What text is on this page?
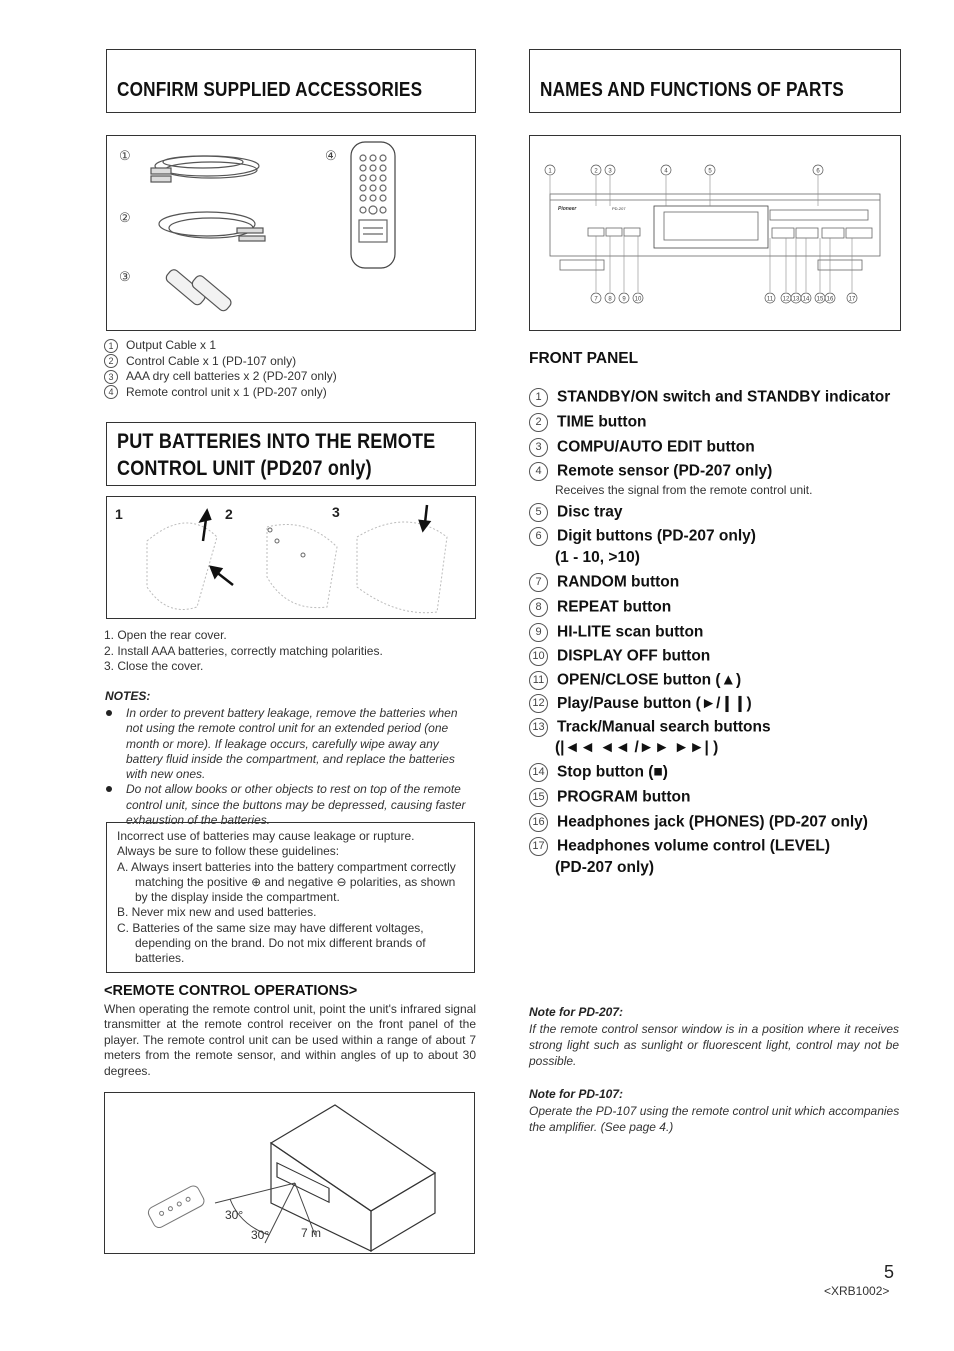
CONFIRM SUPPLIED ACCESSORIES
①
②
③
④
1 Output Cable x 1
2 Control Cable x 1 (PD-107 only)
3 AAA dry cell batteries x 2 (PD-207 only)
4 Remote control unit x 1 (PD-207 only)
PUT BATTERIES INTO THE REMOTE
CONTROL UNIT (PD207 only)
1	2	3
1. Open the rear cover.
2. Install AAA batteries, correctly matching polarities.
3. Close the cover.
NOTES:
In order to prevent battery leakage, remove the batteries when not using the remote control unit for an extended period (one month or more). If leakage occurs, carefully wipe away any battery fluid inside the compartment, and replace the batteries with new ones.
Do not allow books or other objects to rest on top of the remote control unit, since the buttons may be depressed, causing faster exhaustion of the batteries.
Incorrect use of batteries may cause leakage or rupture.
Always be sure to follow these guidelines:
A. Always insert batteries into the battery compartment correctly matching the positive ⊕ and negative ⊖ polarities, as shown by the display inside the compartment.
B. Never mix new and used batteries.
C. Batteries of the same size may have different voltages, depending on the brand. Do not mix different brands of batteries.
<REMOTE CONTROL OPERATIONS>
When operating the remote control unit, point the unit's infrared signal transmitter at the remote control receiver on the front panel of the player. The remote control unit can be used within a range of about 7 meters from the remote sensor, and within angles of up to about 30 degrees.
30°
30°	7 m
NAMES AND FUNCTIONS OF PARTS
1	2 3	4	5	6
Pioneer	PD-207
7 8 9 10	11 12 13 14 15 16	17
FRONT PANEL
1 STANDBY/ON switch and STANDBY indicator
2 TIME button
3 COMPU/AUTO EDIT button
4 Remote sensor (PD-207 only)
Receives the signal from the remote control unit.
5 Disc tray
6 Digit buttons (PD-207 only)
(1 - 10, >10)
7 RANDOM button
8 REPEAT button
9 HI-LITE scan button
10 DISPLAY OFF button
11 OPEN/CLOSE button (▲)
12 Play/Pause button (►/❙❙)
13 Track/Manual search buttons
(|◄◄ ◄◄ /►► ►►| )
14 Stop button (■)
15 PROGRAM button
16 Headphones jack (PHONES) (PD-207 only)
17 Headphones volume control (LEVEL)
(PD-207 only)
Note for PD-207:
If the remote control sensor window is in a position where it receives strong light such as sunlight or fluorescent light, control may not be possible.
Note for PD-107:
Operate the PD-107 using the remote control unit which accompanies the amplifier. (See page 4.)
5
<XRB1002>
